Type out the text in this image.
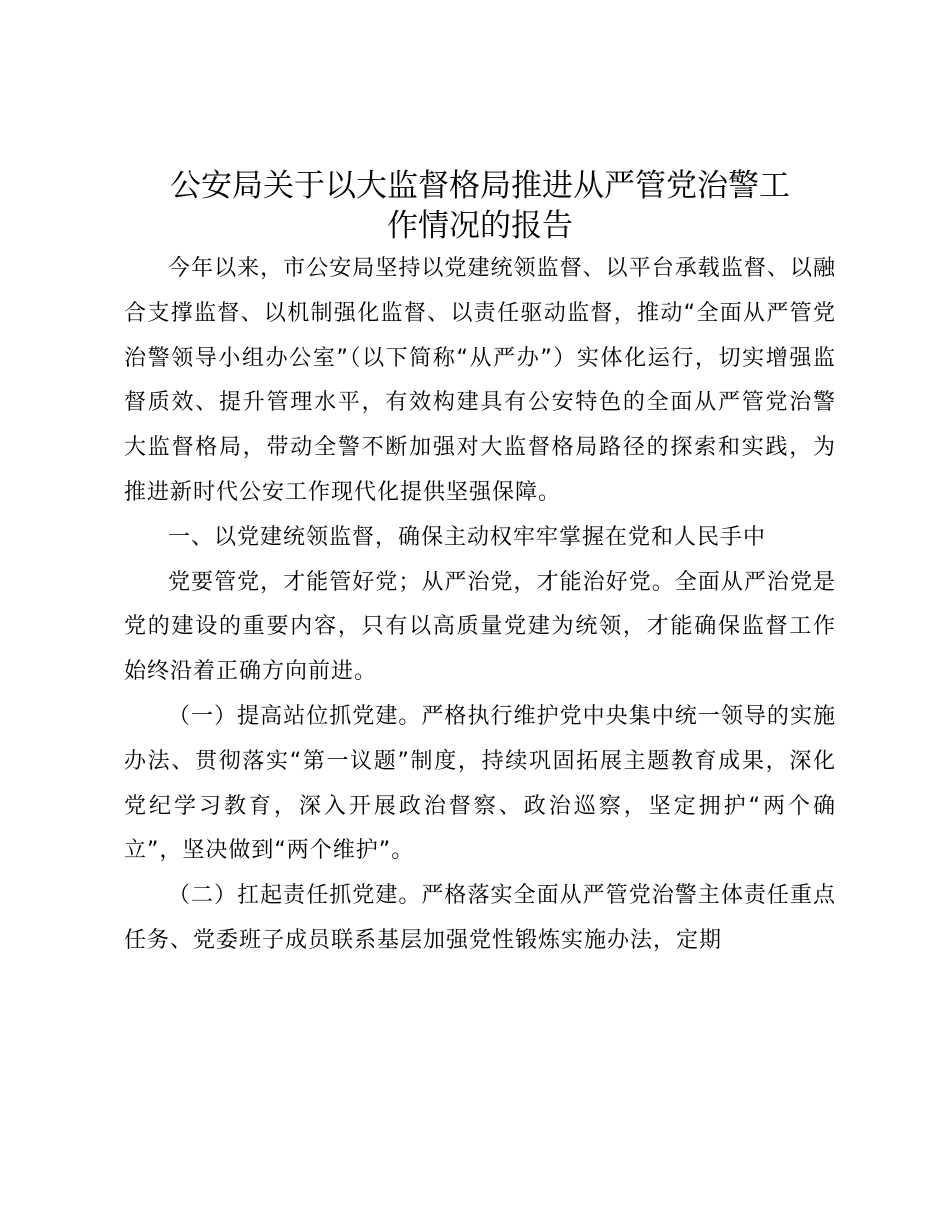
公安局关于以大监督格局推进从严管党治警工
作情况的报告

今年以来，市公安局坚持以党建统领监督、以平台承载监督、以融合支撑监督、以机制强化监督、以责任驱动监督，推动“全面从严管党治警领导小组办公室”（以下简称“从严办”）实体化运行，切实增强监督质效、提升管理水平，有效构建具有公安特色的全面从严管党治警大监督格局，带动全警不断加强对大监督格局路径的探索和实践，为推进新时代公安工作现代化提供坚强保障。

一、以党建统领监督，确保主动权牢牢掌握在党和人民手中

党要管党，才能管好党；从严治党，才能治好党。全面从严治党是党的建设的重要内容，只有以高质量党建为统领，才能确保监督工作始终沿着正确方向前进。

（一）提高站位抓党建。严格执行维护党中央集中统一领导的实施办法、贯彻落实“第一议题”制度，持续巩固拓展主题教育成果，深化党纪学习教育，深入开展政治督察、政治巡察，坚定拥护“两个确立”，坚决做到“两个维护”。

（二）扛起责任抓党建。严格落实全面从严管党治警主体责任重点任务、党委班子成员联系基层加强党性锻炼实施办法，定期
